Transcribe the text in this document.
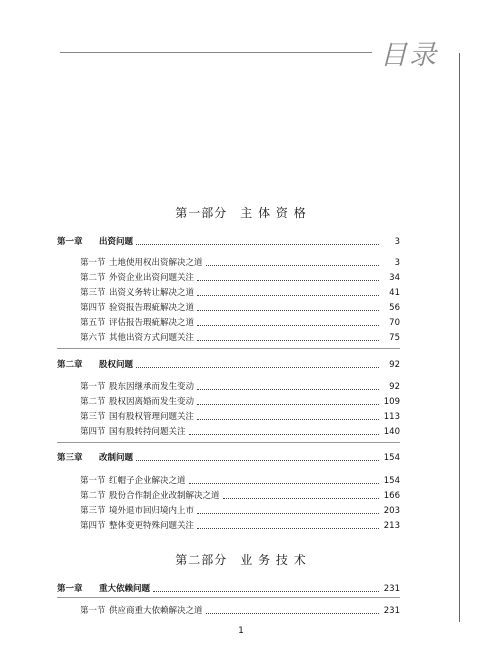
目录
第一部分　主 体 资 格
第一章	出资问题	3
第一节 土地使用权出资解决之道	3
第二节 外资企业出资问题关注	34
第三节 出资义务转让解决之道	41
第四节 验资报告瑕疵解决之道	56
第五节 评估报告瑕疵解决之道	70
第六节 其他出资方式问题关注	75
第二章	股权问题	92
第一节 股东因继承而发生变动	92
第二节 股权因离婚而发生变动	109
第三节 国有股权管理问题关注	113
第四节 国有股转持问题关注	140
第三章	改制问题	154
第一节 红帽子企业解决之道	154
第二节 股份合作制企业改制解决之道	166
第三节 境外退市回归境内上市	203
第四节 整体变更特殊问题关注	213
第二部分　业 务 技 术
第一章	重大依赖问题	231
第一节 供应商重大依赖解决之道	231
1
